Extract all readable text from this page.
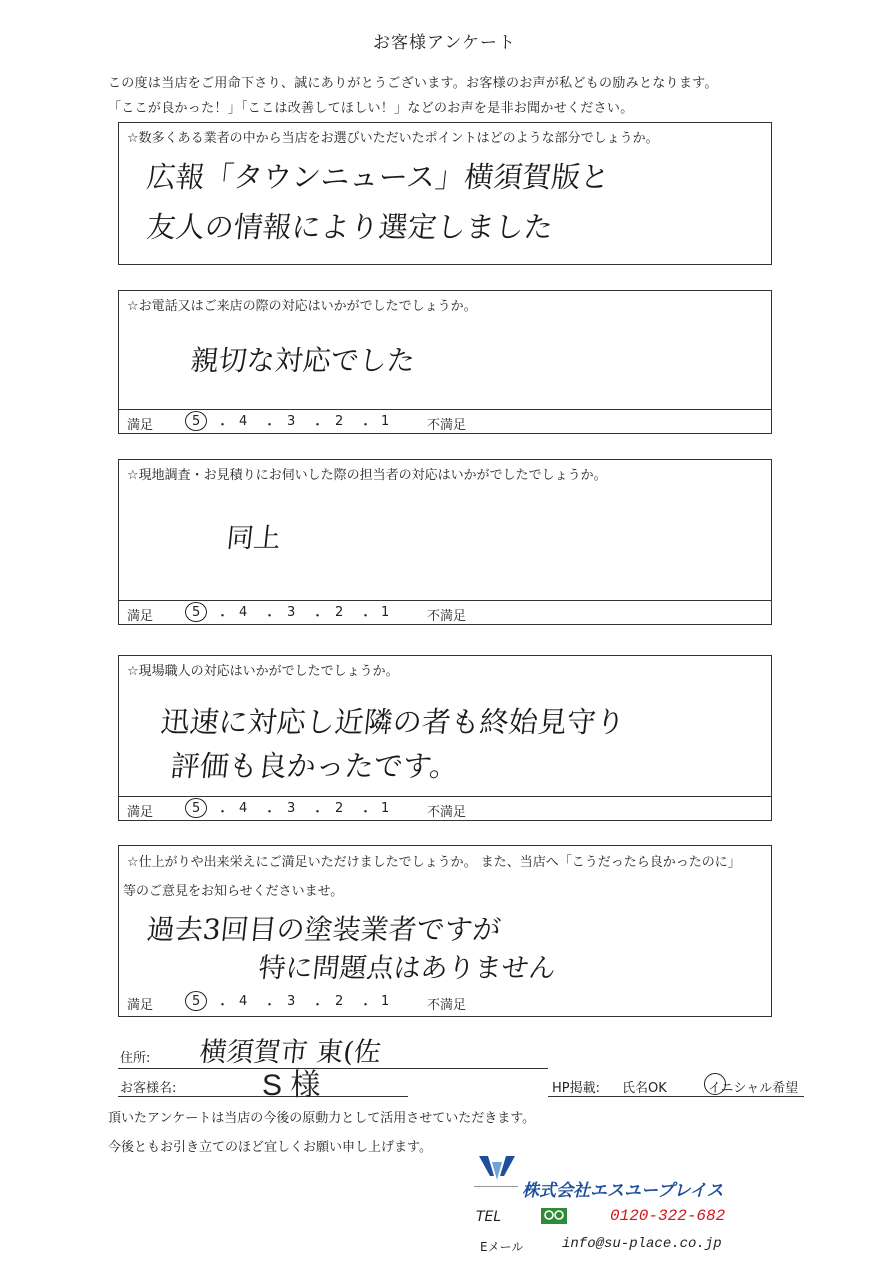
お客様アンケート
この度は当店をご用命下さり、誠にありがとうございます。お客様のお声が私どもの励みとなります。
「ここが良かった！」「ここは改善してほしい！」などのお声を是非お聞かせください。
☆数多くある業者の中から当店をお選びいただいたポイントはどのような部分でしょうか。
広報「タウンニュース」横須賀版と
友人の情報により選定しました
☆お電話又はご来店の際の対応はいかがでしたでしょうか。
親切な対応でした
満足	5 ・ 4 ・ 3 ・ 2 ・ 1	不満足
☆現地調査・お見積りにお伺いした際の担当者の対応はいかがでしたでしょうか。
同上
満足	5 ・ 4 ・ 3 ・ 2 ・ 1	不満足
☆現場職人の対応はいかがでしたでしょうか。
迅速に対応し近隣の者も終始見守り
評価も良かったです。
満足	5 ・ 4 ・ 3 ・ 2 ・ 1	不満足
☆仕上がりや出来栄えにご満足いただけましたでしょうか。 また、当店へ「こうだったら良かったのに」
等のご意見をお知らせくださいませ。
過去3回目の塗装業者ですが
特に問題点はありません
満足	5 ・ 4 ・ 3 ・ 2 ・ 1	不満足
住所: 横須賀市 東(佐
お客様名:	S 様	HP掲載: 氏名OK	イニシャル希望
頂いたアンケートは当店の今後の原動力として活用させていただきます。
今後ともお引き立てのほど宜しくお願い申し上げます。
株式会社エスユープレイス
TEL	0120-322-682
Eメール	info@su-place.co.jp
